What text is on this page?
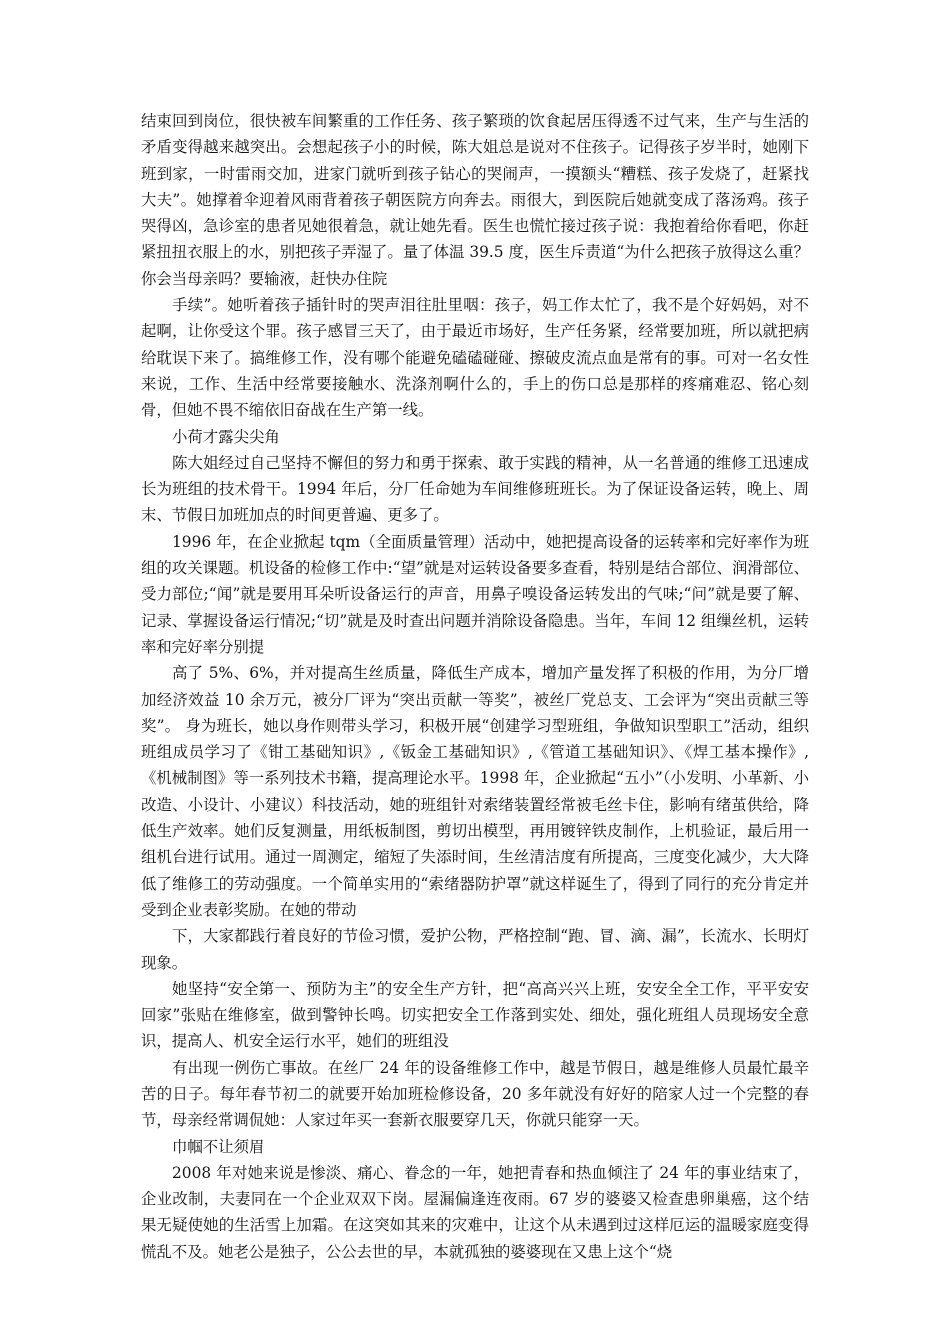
结束回到岗位，很快被车间繁重的工作任务、孩子繁琐的饮食起居压得透不过气来，生产与生活的矛盾变得越来越突出。会想起孩子小的时候，陈大姐总是说对不住孩子。记得孩子岁半时，她刚下班到家，一时雷雨交加，进家门就听到孩子钻心的哭闹声，一摸额头“糟糕、孩子发烧了，赶紧找大夫”。她撑着伞迎着风雨背着孩子朝医院方向奔去。雨很大，到医院后她就变成了落汤鸡。孩子哭得凶，急诊室的患者见她很着急，就让她先看。医生也慌忙接过孩子说：我抱着给你看吧，你赶紧扭扭衣服上的水，别把孩子弄湿了。量了体温 39.5 度，医生斥责道“为什么把孩子放得这么重？你会当母亲吗？要输液，赶快办住院

手续”。她听着孩子插针时的哭声泪往肚里咽：孩子，妈工作太忙了，我不是个好妈妈，对不起啊，让你受这个罪。孩子感冒三天了，由于最近市场好，生产任务紧，经常要加班，所以就把病给耽误下来了。搞维修工作，没有哪个能避免磕磕碰碰、擦破皮流点血是常有的事。可对一名女性来说，工作、生活中经常要接触水、洗涤剂啊什么的，手上的伤口总是那样的疼痛难忍、铭心刻骨，但她不畏不缩依旧奋战在生产第一线。

小荷才露尖尖角

陈大姐经过自己坚持不懈但的努力和勇于探索、敢于实践的精神，从一名普通的维修工迅速成长为班组的技术骨干。1994 年后，分厂任命她为车间维修班班长。为了保证设备运转，晚上、周末、节假日加班加点的时间更普遍、更多了。

1996 年，在企业掀起 tqm（全面质量管理）活动中，她把提高设备的运转率和完好率作为班组的攻关课题。机设备的检修工作中:“望”就是对运转设备要多查看，特别是结合部位、润滑部位、受力部位;“闻”就是要用耳朵听设备运行的声音，用鼻子嗅设备运转发出的气味;“问”就是要了解、记录、掌握设备运行情况;“切”就是及时查出问题并消除设备隐患。当年，车间 12 组缫丝机，运转率和完好率分别提

高了 5%、6%，并对提高生丝质量，降低生产成本，增加产量发挥了积极的作用，为分厂增加经济效益 10 余万元，被分厂评为“突出贡献一等奖”，被丝厂党总支、工会评为“突出贡献三等奖”。 身为班长，她以身作则带头学习，积极开展“创建学习型班组，争做知识型职工”活动，组织班组成员学习了《钳工基础知识》,《钣金工基础知识》,《管道工基础知识》、《焊工基本操作》,《机械制图》等一系列技术书籍，提高理论水平。1998 年，企业掀起“五小”（小发明、小革新、小改造、小设计、小建议）科技活动，她的班组针对索绪装置经常被毛丝卡住，影响有绪茧供给，降低生产效率。她们反复测量，用纸板制图，剪切出模型，再用镀锌铁皮制作，上机验证，最后用一组机台进行试用。通过一周测定，缩短了失添时间，生丝清洁度有所提高，三度变化减少，大大降低了维修工的劳动强度。一个简单实用的“索绪器防护罩”就这样诞生了，得到了同行的充分肯定并受到企业表彰奖励。在她的带动

下，大家都践行着良好的节俭习惯，爱护公物，严格控制“跑、冒、滴、漏”，长流水、长明灯现象。

她坚持“安全第一、预防为主”的安全生产方针，把“高高兴兴上班，安安全全工作，平平安安回家”张贴在维修室，做到警钟长鸣。切实把安全工作落到实处、细处，强化班组人员现场安全意识，提高人、机安全运行水平，她们的班组没

有出现一例伤亡事故。在丝厂 24 年的设备维修工作中，越是节假日，越是维修人员最忙最辛苦的日子。每年春节初二的就要开始加班检修设备，20 多年就没有好好的陪家人过一个完整的春节，母亲经常调侃她：人家过年买一套新衣服要穿几天，你就只能穿一天。

巾帼不让须眉

2008 年对她来说是惨淡、痛心、眷念的一年，她把青春和热血倾注了 24 年的事业结束了，企业改制，夫妻同在一个企业双双下岗。屋漏偏逢连夜雨。67 岁的婆婆又检查患卵巢癌，这个结果无疑使她的生活雪上加霜。在这突如其来的灾难中，让这个从未遇到过这样厄运的温暖家庭变得慌乱不及。她老公是独子，公公去世的早，本就孤独的婆婆现在又患上这个“烧
